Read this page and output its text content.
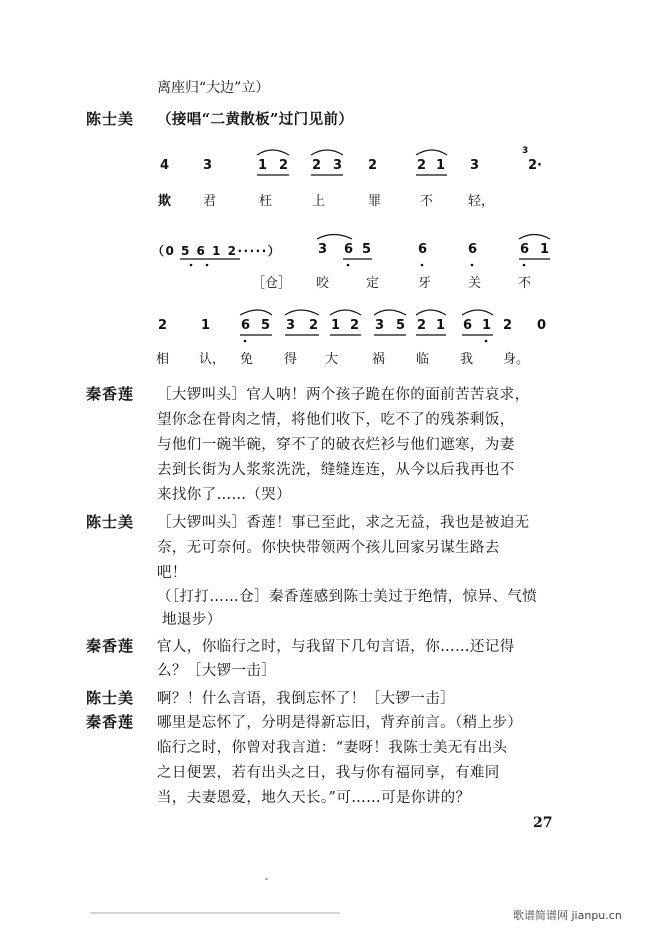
离座归“大边”立）
陈士美 （接唱“二黄散板”过门见前）
4	3	1 2 2 3 2	2 1 3
3
2·
欺 君	枉	上	罪	不	轻，
（0 5 6 1 2·····）	3 6 5	6	6	6 1
［仓］ 咬	定	牙	关	不
2	1 6 5 3 2 1 2 3 5 2 1 6 1 2 0
相 认， 免 得 大	祸 临 我 身。
秦香莲 ［大锣叫头］官人呐！两个孩子跪在你的面前苦苦哀求，
望你念在骨肉之情，将他们收下，吃不了的残茶剩饭，
与他们一碗半碗，穿不了的破衣烂衫与他们遮寒，为妻
去到长街为人浆浆洗洗，缝缝连连，从今以后我再也不
来找你了……（哭）
陈士美 ［大锣叫头］香莲！事已至此，求之无益，我也是被迫无
奈，无可奈何。你快快带领两个孩儿回家另谋生路去
吧！
（［打打……仓］秦香莲感到陈士美过于绝情，惊异、气愤
地退步）
秦香莲 官人，你临行之时，与我留下几句言语，你……还记得
么？［大锣一击］
陈士美 啊？！什么言语，我倒忘怀了！［大锣一击］
秦香莲 哪里是忘怀了，分明是得新忘旧，背弃前言。（稍上步）
临行之时，你曾对我言道：“妻呀！我陈士美无有出头
之日便罢，若有出头之日，我与你有福同享，有难同
当，夫妻恩爱，地久天长。”可……可是你讲的？
27
歌谱简谱网 jianpu.cn
